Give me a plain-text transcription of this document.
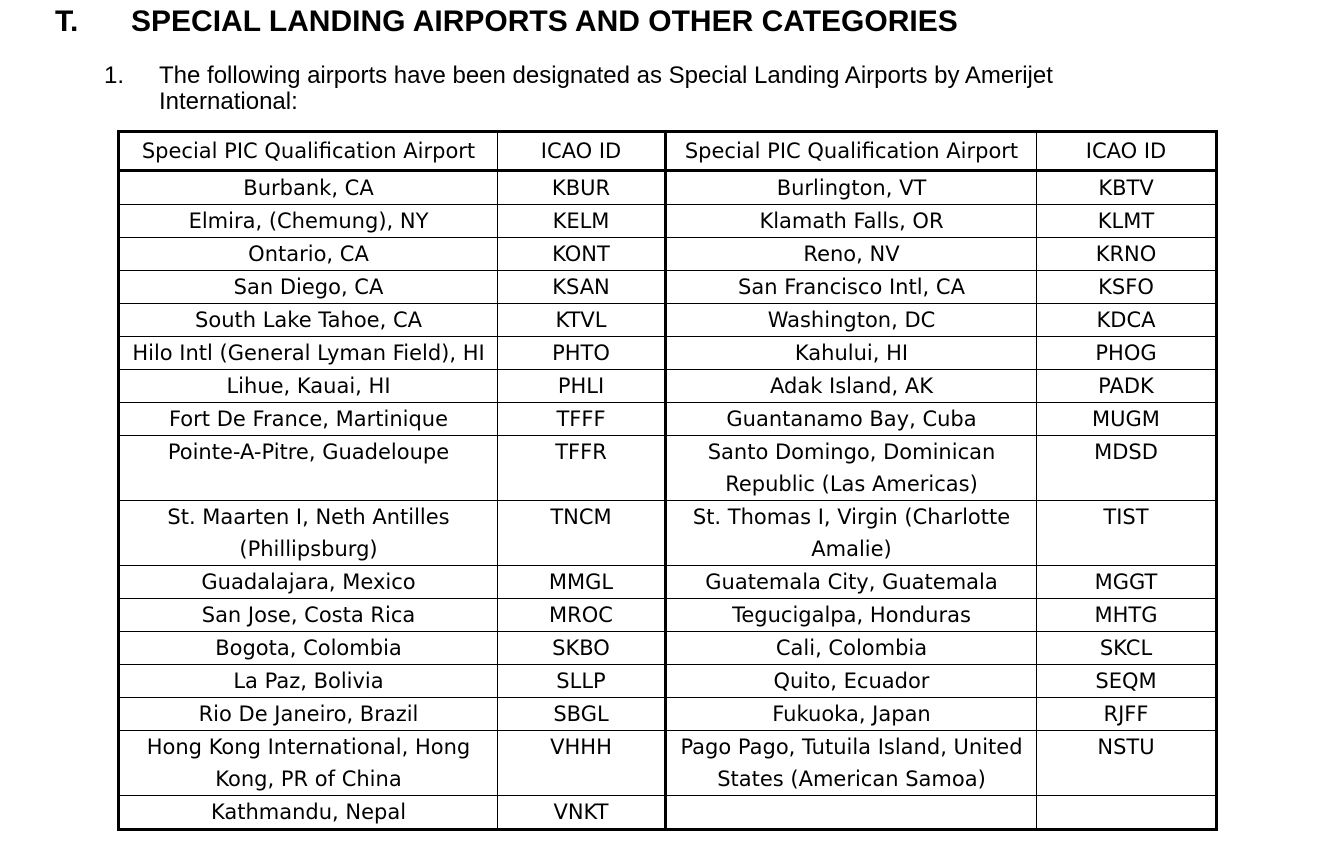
T. SPECIAL LANDING AIRPORTS AND OTHER CATEGORIES
1. The following airports have been designated as Special Landing Airports by Amerijet International:
Special PIC Qualification Airport	ICAO ID	Special PIC Qualification Airport	ICAO ID
Burbank, CA	KBUR	Burlington, VT	KBTV
Elmira, (Chemung), NY	KELM	Klamath Falls, OR	KLMT
Ontario, CA	KONT	Reno, NV	KRNO
San Diego, CA	KSAN	San Francisco Intl, CA	KSFO
South Lake Tahoe, CA	KTVL	Washington, DC	KDCA
Hilo Intl (General Lyman Field), HI	PHTO	Kahului, HI	PHOG
Lihue, Kauai, HI	PHLI	Adak Island, AK	PADK
Fort De France, Martinique	TFFF	Guantanamo Bay, Cuba	MUGM
Pointe-A-Pitre, Guadeloupe	TFFR	Santo Domingo, Dominican Republic (Las Americas)	MDSD
St. Maarten I, Neth Antilles (Phillipsburg)	TNCM	St. Thomas I, Virgin (Charlotte Amalie)	TIST
Guadalajara, Mexico	MMGL	Guatemala City, Guatemala	MGGT
San Jose, Costa Rica	MROC	Tegucigalpa, Honduras	MHTG
Bogota, Colombia	SKBO	Cali, Colombia	SKCL
La Paz, Bolivia	SLLP	Quito, Ecuador	SEQM
Rio De Janeiro, Brazil	SBGL	Fukuoka, Japan	RJFF
Hong Kong International, Hong Kong, PR of China	VHHH	Pago Pago, Tutuila Island, United States (American Samoa)	NSTU
Kathmandu, Nepal	VNKT		
